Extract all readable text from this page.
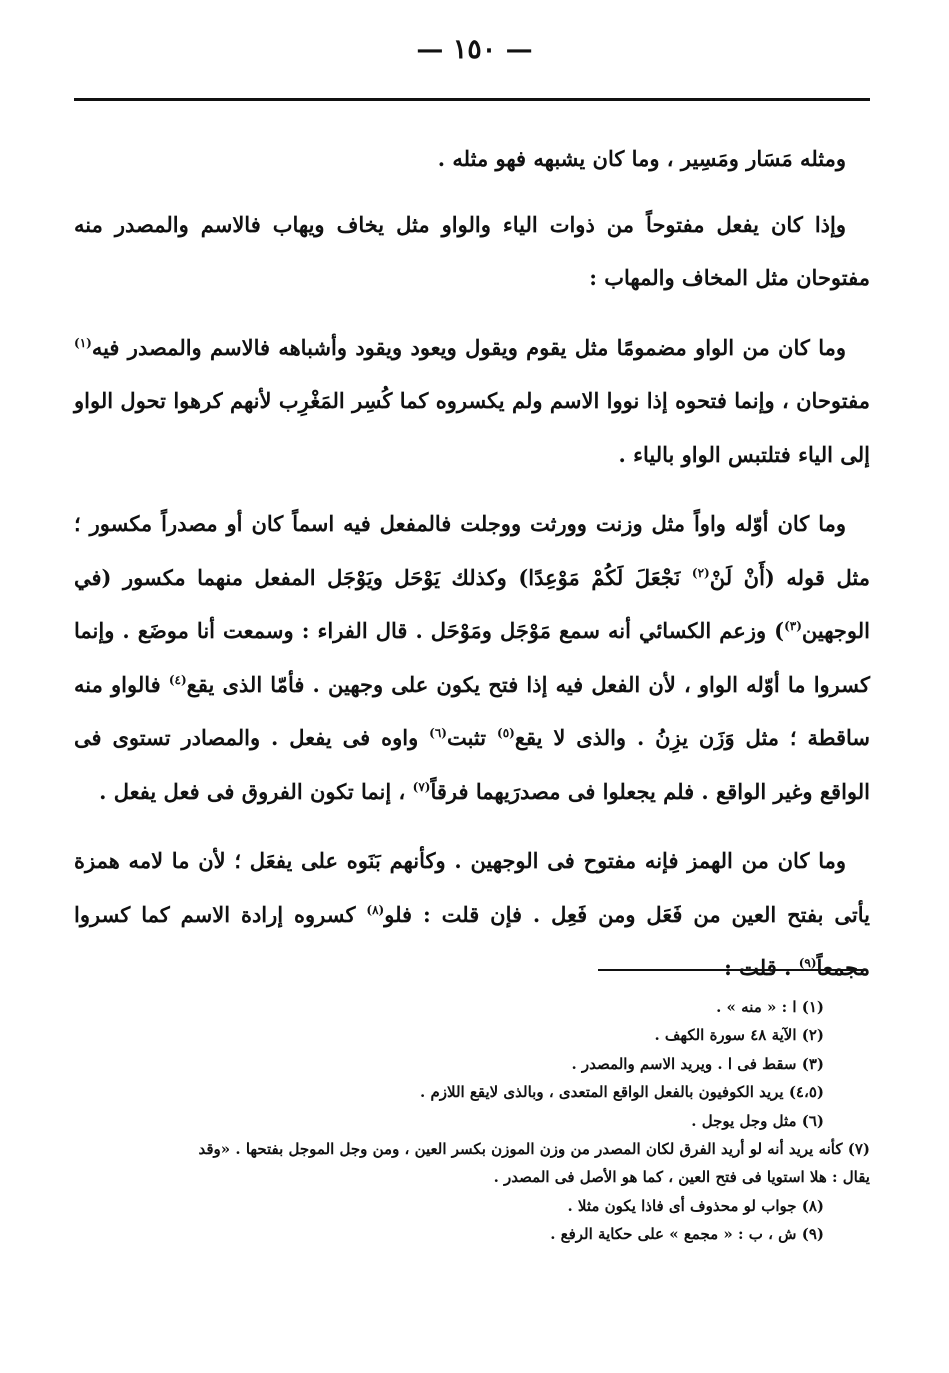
— ١٥٠ —

ومثله مَسَار ومَسِير ، وما كان يشبهه فهو مثله .

وإذا كان يفعل مفتوحاً من ذوات الياء والواو مثل يخاف ويهاب فالاسم والمصدر منه مفتوحان مثل المخاف والمهاب :

وما كان من الواو مضمومًا مثل يقوم ويقول ويعود ويقود وأشباهه فالاسم والمصدر فيه$^{(١)}$ مفتوحان ، وإنما فتحوه إذا نووا الاسم ولم يكسروه كما كُسِر المَغْرِب لأنهم كرهوا تحول الواو إلى الياء فتلتبس الواو بالياء .

وما كان أوّله واواً مثل وزنت وورثت ووجلت فالمفعل فيه اسماً كان أو مصدراً مكسور ؛ مثل قوله (أَنْ لَنْ$^{(٢)}$ نَجْعَلَ لَكُمْ مَوْعِدًا) وكذلك يَوْحَل ويَوْجَل المفعل منهما مكسور (في الوجهين$^{(٣)}$) وزعم الكسائي أنه سمع مَوْجَل ومَوْحَل . قال الفراء : وسمعت أنا موضَع . وإنما كسروا ما أوّله الواو ، لأن الفعل فيه إذا فتح يكون على وجهين . فأمّا الذى يقع$^{(٤)}$ فالواو منه ساقطة ؛ مثل وَزَن يزِنُ . والذى لا يقع$^{(٥)}$ تثبت$^{(٦)}$ واوه فى يفعل . والمصادر تستوى فى الواقع وغير الواقع . فلم يجعلوا فى مصدرَيهما فرقاً$^{(٧)}$ ، إنما تكون الفروق فى فعل يفعل .

وما كان من الهمز فإنه مفتوح فى الوجهين . وكأنهم بَنَوه على يفعَل ؛ لأن ما لامه همزة يأتى بفتح العين من فَعَل ومن فَعِل . فإن قلت : فلو$^{(٨)}$ كسروه إرادة الاسم كما كسروا مجمعاً$^{(٩)}$ . قلت :

(١) ا : « منه » .
(٢) الآية ٤٨ سورة الكهف .
(٣) سقط فى ا . ويريد الاسم والمصدر .
(٤،٥) يريد الكوفيون بالفعل الواقع المتعدى ، وبالذى لايقع اللازم .
(٦) مثل وجل يوجل .
(٧) كأنه يريد أنه لو أريد الفرق لكان المصدر من وزن الموزن بكسر العين ، ومن وجل الموجل بفتحها . «وقد
يقال : هلا استويا فى فتح العين ، كما هو الأصل فى المصدر .
(٨) جواب لو محذوف أى فاذا يكون مثلا .
(٩) ش ، ب : « مجمع » على حكاية الرفع .
